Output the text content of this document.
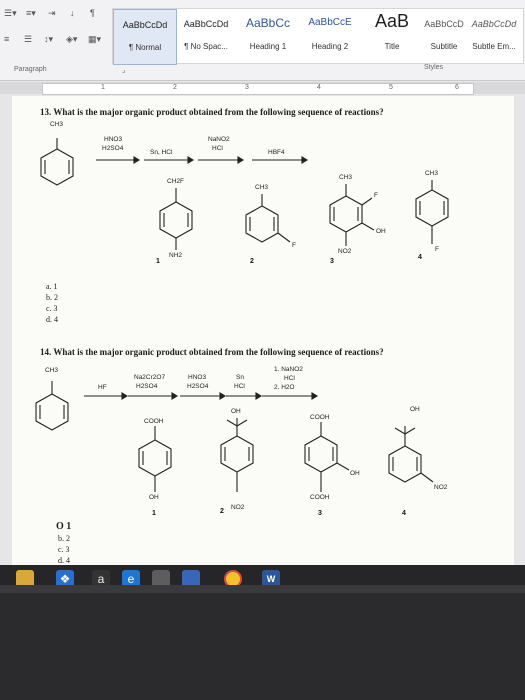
☰▾ ≡▾ ⇥ ↓ ¶
≡ ☰ ↕▾ ◈▾ ▦▾
AaBbCcDd
¶ Normal
AaBbCcDd
¶ No Spac...
AaBbCc
Heading 1
AaBbCcE
Heading 2
AaB
Title
AaBbCcD
Subtitle
AaBbCcDd
Subtle Em...
Paragraph	⌟	Styles
1	2	3	4	5	6
13. What is the major organic product obtained from the following sequence of reactions?
CH3
HNO3
H2SO4
Sn, HCl
NaNO2
HCl
HBF4
CH2F
NH2
CH3
F
CH3
F
OH
NO2
CH3
F
1	2	3
4
a. 1
b. 2
c. 3
d. 4
14. What is the major organic product obtained from the following sequence of reactions?
CH3
HF
Na2Cr2O7
H2SO4
HNO3
H2SO4
Sn
HCl
1. NaNO2
HCl
2. H2O
COOH
OH
OH
NO2
COOH
OH
COOH
OH
NO2
1	2	3	4
O 1
b. 2
c. 3
d. 4
❖	a	e	W
